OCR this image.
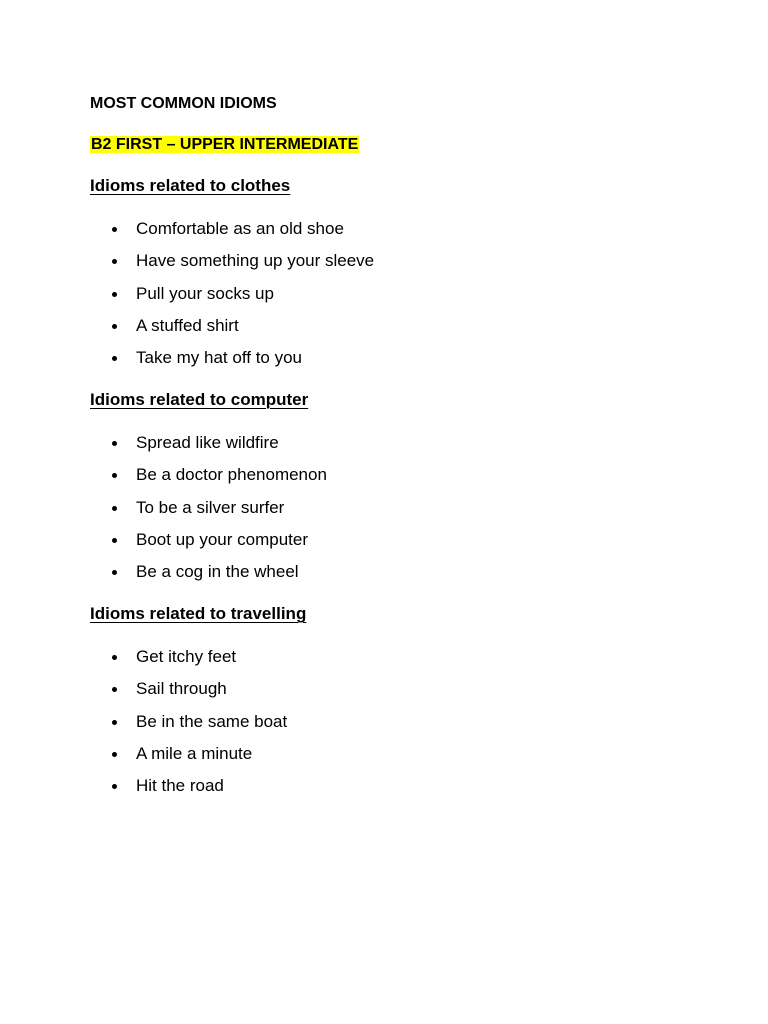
MOST COMMON IDIOMS
B2 FIRST – UPPER INTERMEDIATE
Idioms related to clothes
Comfortable as an old shoe
Have something up your sleeve
Pull your socks up
A stuffed shirt
Take my hat off to you
Idioms related to computer
Spread like wildfire
Be a doctor phenomenon
To be a silver surfer
Boot up your computer
Be a cog in the wheel
Idioms related to travelling
Get itchy feet
Sail through
Be in the same boat
A mile a minute
Hit the road
